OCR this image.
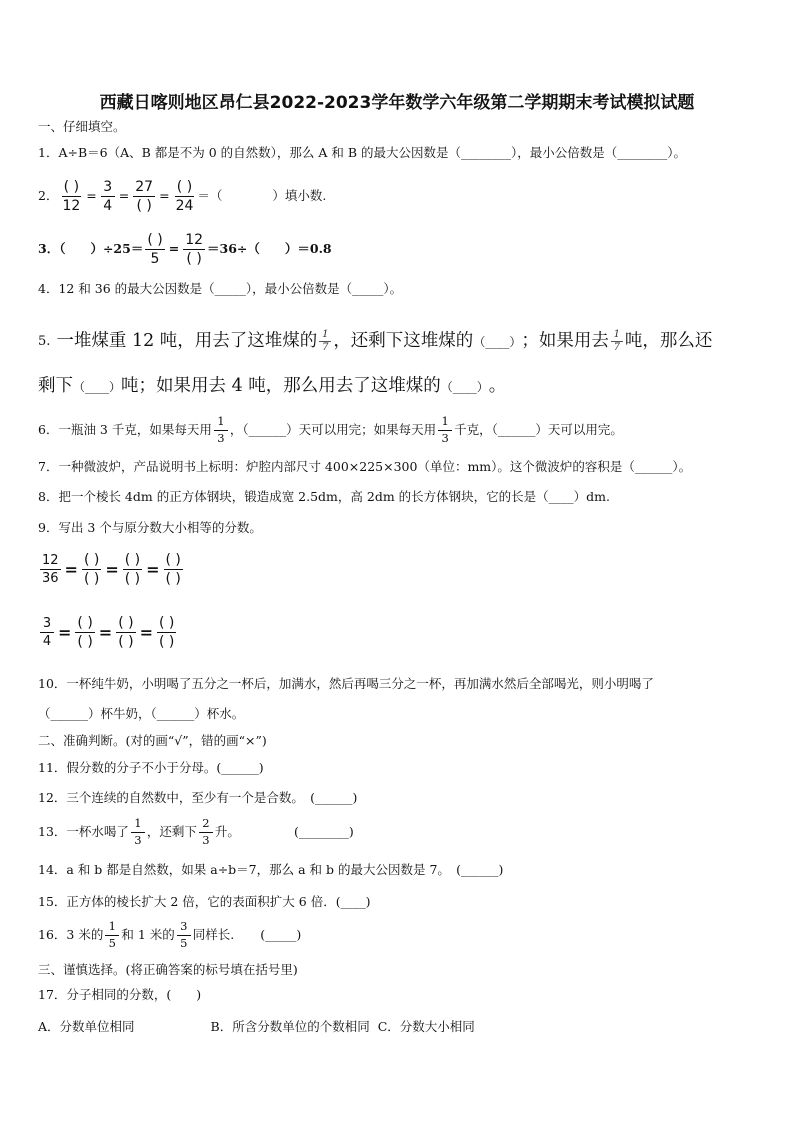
西藏日喀则地区昂仁县2022-2023学年数学六年级第二学期期末考试模拟试题
一、仔细填空。
1．A÷B＝6（A、B 都是不为 0 的自然数），那么 A 和 B 的最大公因数是（________），最小公倍数是（________）。
2． $\frac{( )}{12} = \frac{3}{4} = \frac{27}{( )} = \frac{( )}{24}$ ＝（　　　　）填小数.
3．（　　）$\div 25= \frac{( )}{5} = \frac{12}{( )} =36\div$（　　）＝0.8
4．12 和 36 的最大公因数是（_____），最小公倍数是（_____）。
5. 一堆煤重 12 吨，用去了这堆煤的 $\frac{1}{7}$ ，还剩下这堆煤的 （____） ；如果用去 $\frac{1}{7}$ 吨，那么还
剩下 （____） 吨；如果用去 4 吨，那么用去了这堆煤的 （____） 。
6．一瓶油 3 千克，如果每天用 $\frac{1}{3}$ ，（______）天可以用完；如果每天用 $\frac{1}{3}$ 千克，（______）天可以用完。
7．一种微波炉，产品说明书上标明：炉腔内部尺寸 400×225×300（单位：mm）。这个微波炉的容积是（______）。
8．把一个棱长 4dm 的正方体钢块，锻造成宽 2.5dm，高 2dm 的长方体钢块，它的长是（____）dm.
9．写出 3 个与原分数大小相等的分数。
$\frac{12}{36} = \frac{( )}{( )} = \frac{( )}{( )} = \frac{( )}{( )}$
$\frac{3}{4} = \frac{( )}{( )} = \frac{( )}{( )} = \frac{( )}{( )}$
10．一杯纯牛奶，小明喝了五分之一杯后，加满水，然后再喝三分之一杯，再加满水然后全部喝光，则小明喝了
（______）杯牛奶，（______）杯水。
二、准确判断。(对的画“√”，错的画“×”)
11．假分数的分子不小于分母。(______)
12．三个连续的自然数中，至少有一个是合数。　(______)
13．一杯水喝了 $\frac{1}{3}$ ，还剩下 $\frac{2}{3}$ 升。	(________)
14．a 和 b 都是自然数，如果 a÷b＝7，那么 a 和 b 的最大公因数是 7。　(______)
15．正方体的棱长扩大 2 倍，它的表面积扩大 6 倍．(____)
16．3 米的 $\frac{1}{5}$ 和 1 米的 $\frac{3}{5}$ 同样长. (_____)
三、谨慎选择。(将正确答案的标号填在括号里)
17．分子相同的分数，(　　)
A．分数单位相同	B．所含分数单位的个数相同 C．分数大小相同
